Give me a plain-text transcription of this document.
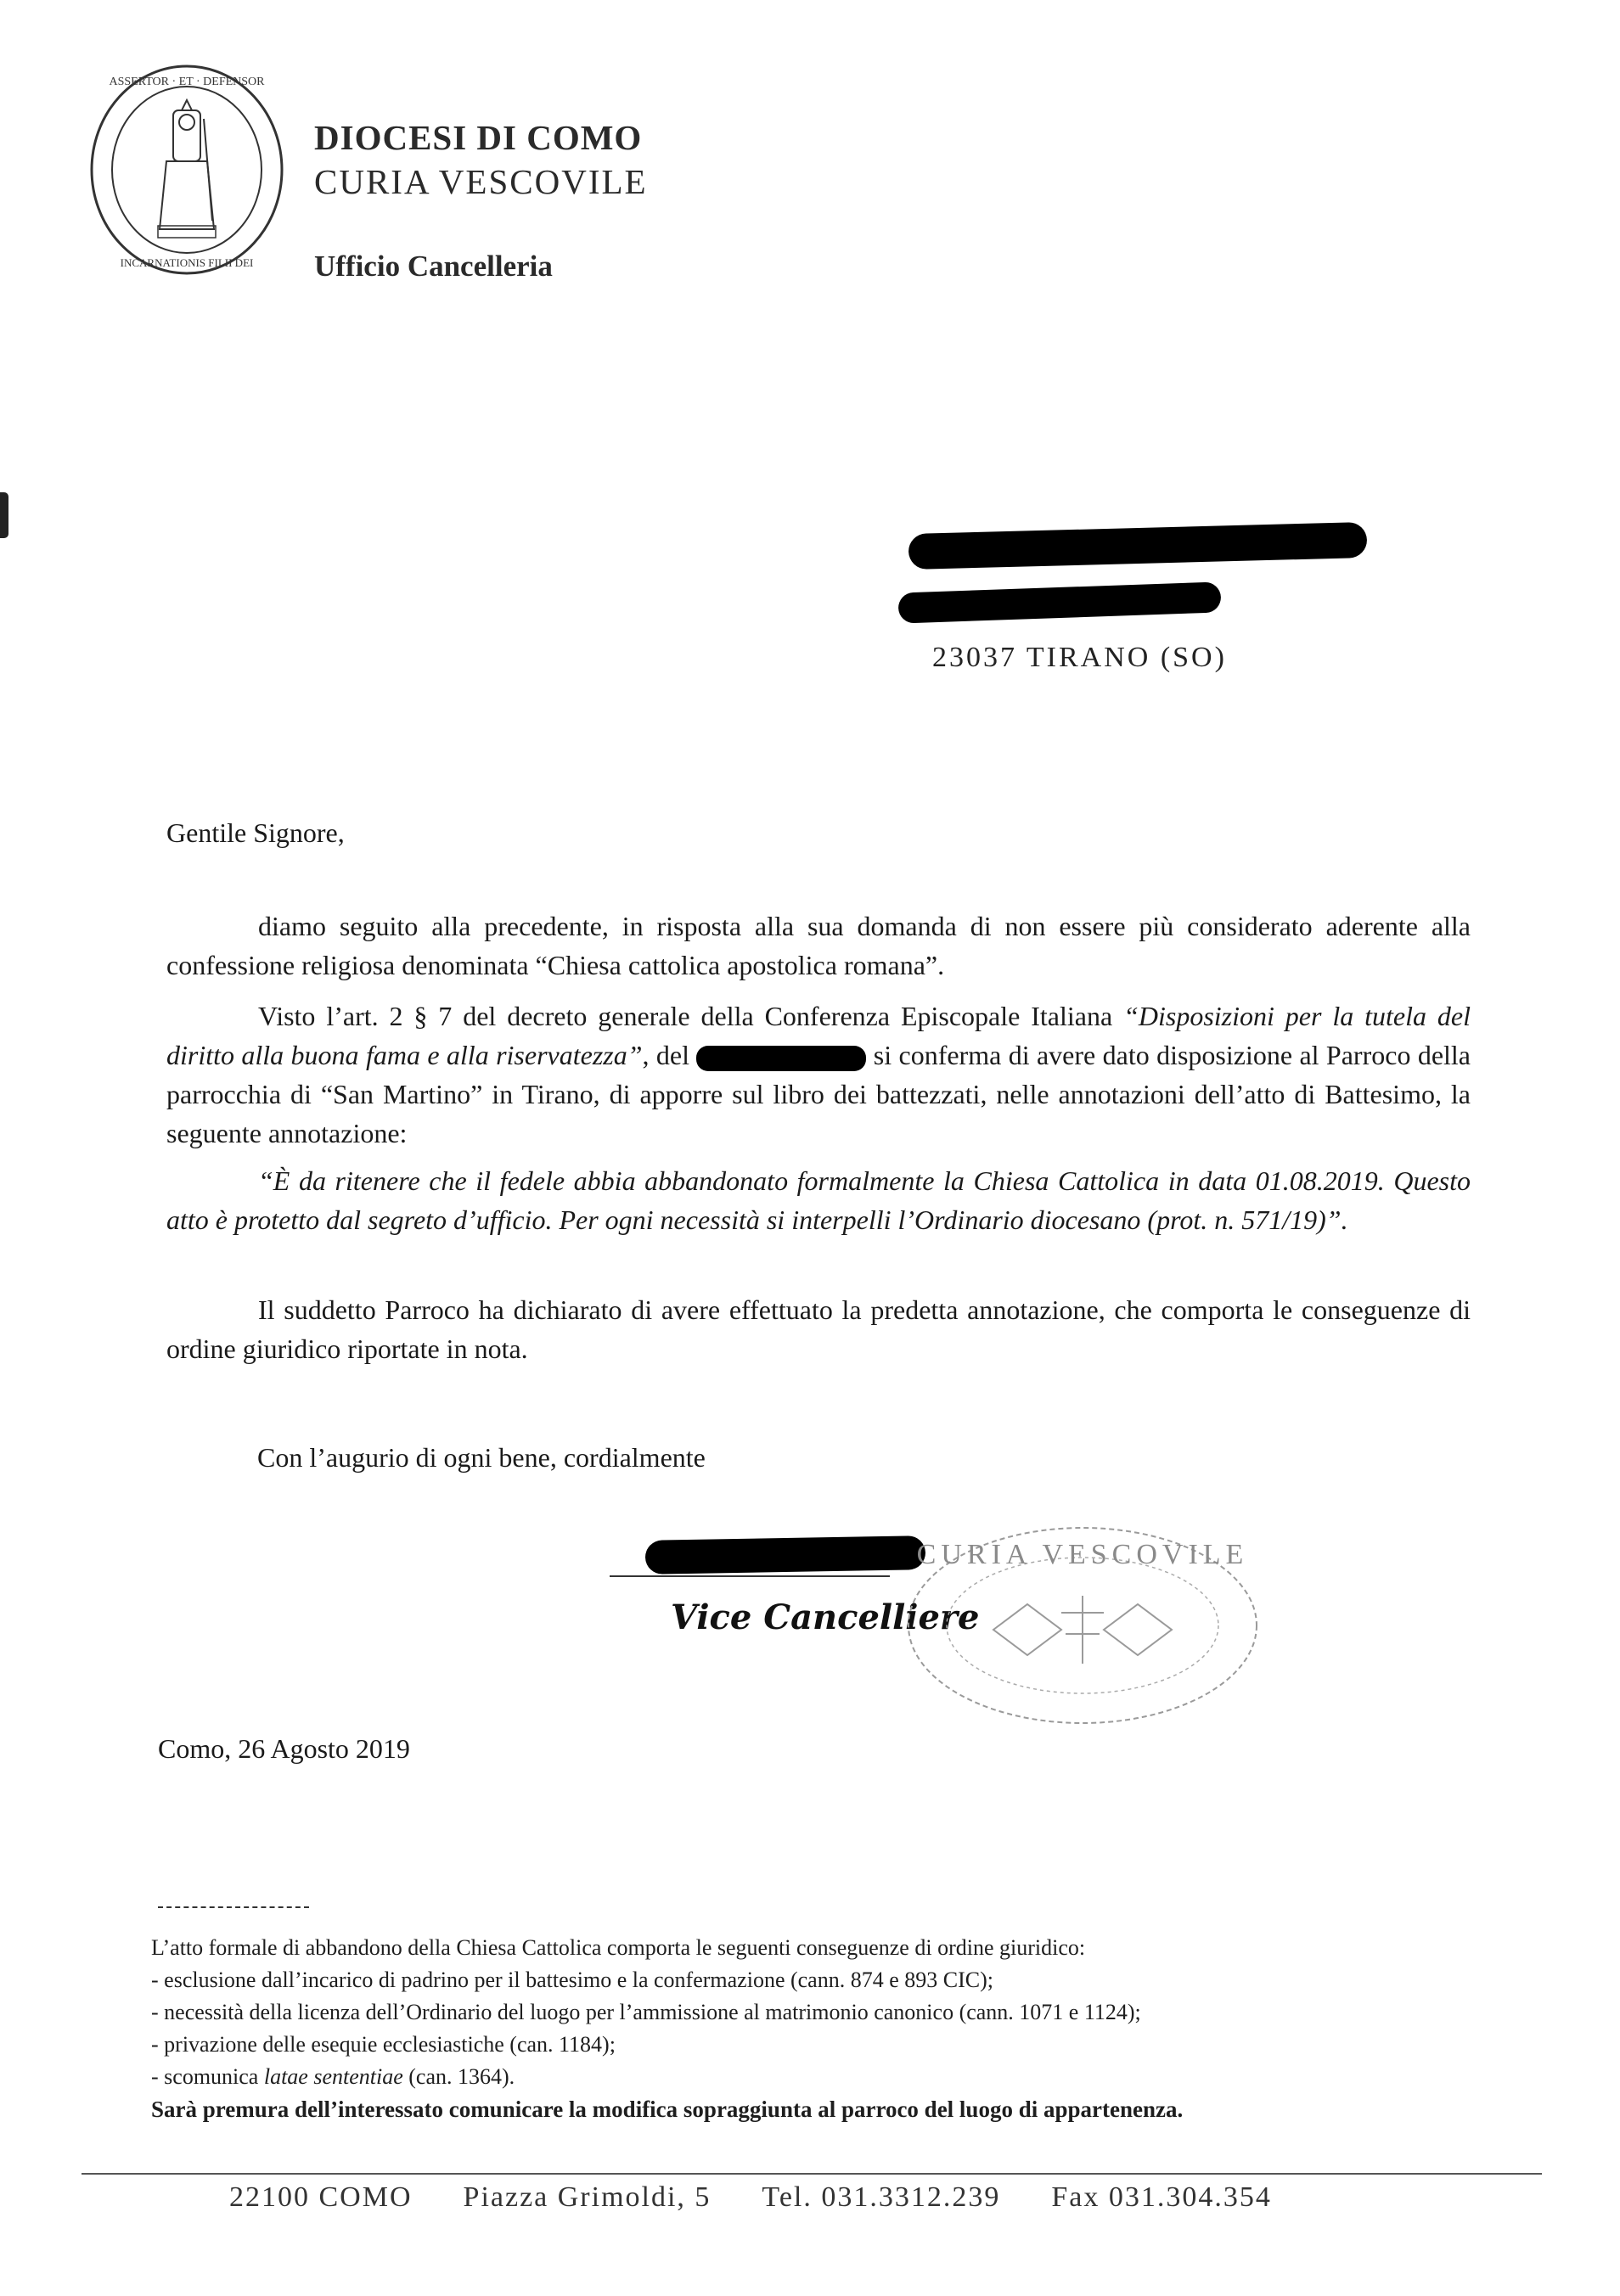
ASSERTOR · ET · DEFENSOR
INCARNATIONIS FILII DEI
DIOCESI DI COMO
CURIA VESCOVILE
Ufficio Cancelleria
23037 TIRANO (SO)
Gentile Signore,
diamo seguito alla precedente, in risposta alla sua domanda di non essere più considerato aderente alla confessione religiosa denominata “Chiesa cattolica apostolica romana”.
Visto l’art. 2 § 7 del decreto generale della Conferenza Episcopale Italiana “Disposizioni per la tutela del diritto alla buona fama e alla riservatezza”, del	si conferma di avere dato disposizione al Parroco della parrocchia di “San Martino” in Tirano, di apporre sul libro dei battezzati, nelle annotazioni dell’atto di Battesimo, la seguente annotazione:
“È da ritenere che il fedele abbia abbandonato formalmente la Chiesa Cattolica in data 01.08.2019. Questo atto è protetto dal segreto d’ufficio. Per ogni necessità si interpelli l’Ordinario diocesano (prot. n. 571/19)”.
Il suddetto Parroco ha dichiarato di avere effettuato la predetta annotazione, che comporta le conseguenze di ordine giuridico riportate in nota.
Con l’augurio di ogni bene, cordialmente
Vice Cancelliere
CURIA VESCOVILE
Como, 26 Agosto 2019
L’atto formale di abbandono della Chiesa Cattolica comporta le seguenti conseguenze di ordine giuridico:
- esclusione dall’incarico di padrino per il battesimo e la confermazione (cann. 874 e 893 CIC);
- necessità della licenza dell’Ordinario del luogo per l’ammissione al matrimonio canonico (cann. 1071 e 1124);
- privazione delle esequie ecclesiastiche (can. 1184);
- scomunica latae sententiae (can. 1364).
Sarà premura dell’interessato comunicare la modifica sopraggiunta al parroco del luogo di appartenenza.
22100 COMO Piazza Grimoldi, 5 Tel. 031.3312.239 Fax 031.304.354
